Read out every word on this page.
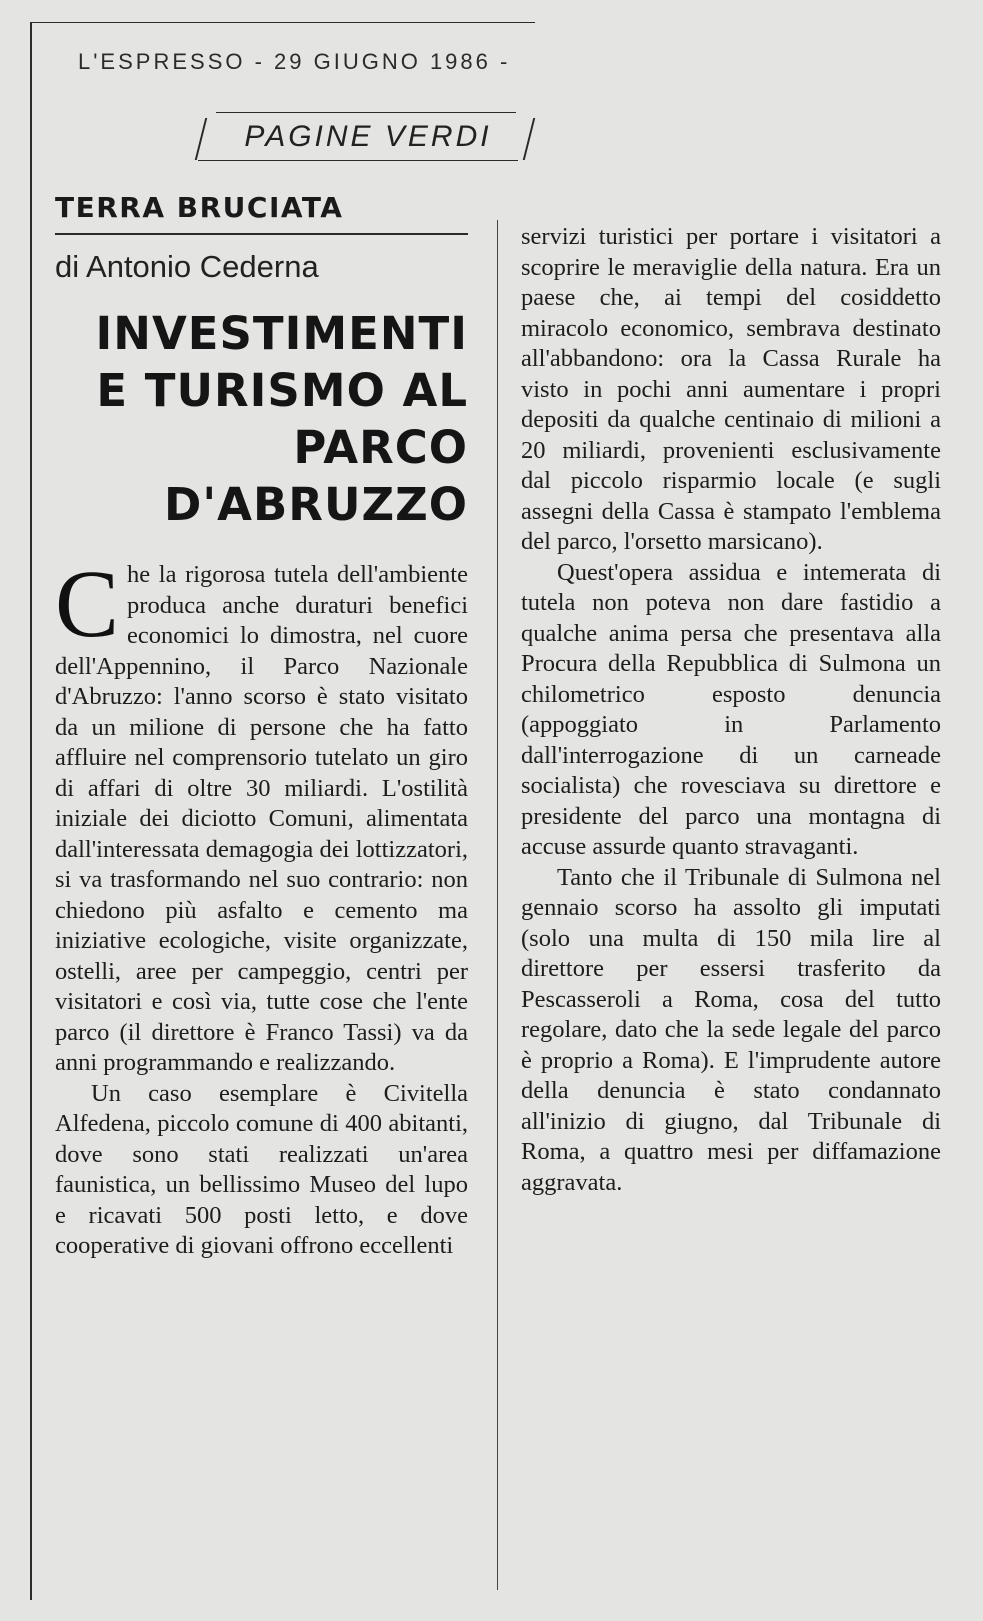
L'ESPRESSO - 29 GIUGNO 1986 -
PAGINE VERDI
TERRA BRUCIATA
di Antonio Cederna
INVESTIMENTI E TURISMO AL PARCO D'ABRUZZO

Che la rigorosa tutela dell'ambiente produca anche duraturi benefici economici lo dimostra, nel cuore dell'Appennino, il Parco Nazionale d'Abruzzo: l'anno scorso è stato visitato da un milione di persone che ha fatto affluire nel comprensorio tutelato un giro di affari di oltre 30 miliardi. L'ostilità iniziale dei diciotto Comuni, alimentata dall'interessata demagogia dei lottizzatori, si va trasformando nel suo contrario: non chiedono più asfalto e cemento ma iniziative ecologiche, visite organizzate, ostelli, aree per campeggio, centri per visitatori e così via, tutte cose che l'ente parco (il direttore è Franco Tassi) va da anni programmando e realizzando.

Un caso esemplare è Civitella Alfedena, piccolo comune di 400 abitanti, dove sono stati realizzati un'area faunistica, un bellissimo Museo del lupo e ricavati 500 posti letto, e dove cooperative di giovani offrono eccellenti

servizi turistici per portare i visitatori a scoprire le meraviglie della natura. Era un paese che, ai tempi del cosiddetto miracolo economico, sembrava destinato all'abbandono: ora la Cassa Rurale ha visto in pochi anni aumentare i propri depositi da qualche centinaio di milioni a 20 miliardi, provenienti esclusivamente dal piccolo risparmio locale (e sugli assegni della Cassa è stampato l'emblema del parco, l'orsetto marsicano).

Quest'opera assidua e intemerata di tutela non poteva non dare fastidio a qualche anima persa che presentava alla Procura della Repubblica di Sulmona un chilometrico esposto denuncia (appoggiato in Parlamento dall'interrogazione di un carneade socialista) che rovesciava su direttore e presidente del parco una montagna di accuse assurde quanto stravaganti.

Tanto che il Tribunale di Sulmona nel gennaio scorso ha assolto gli imputati (solo una multa di 150 mila lire al direttore per essersi trasferito da Pescasseroli a Roma, cosa del tutto regolare, dato che la sede legale del parco è proprio a Roma). E l'imprudente autore della denuncia è stato condannato all'inizio di giugno, dal Tribunale di Roma, a quattro mesi per diffamazione aggravata.
